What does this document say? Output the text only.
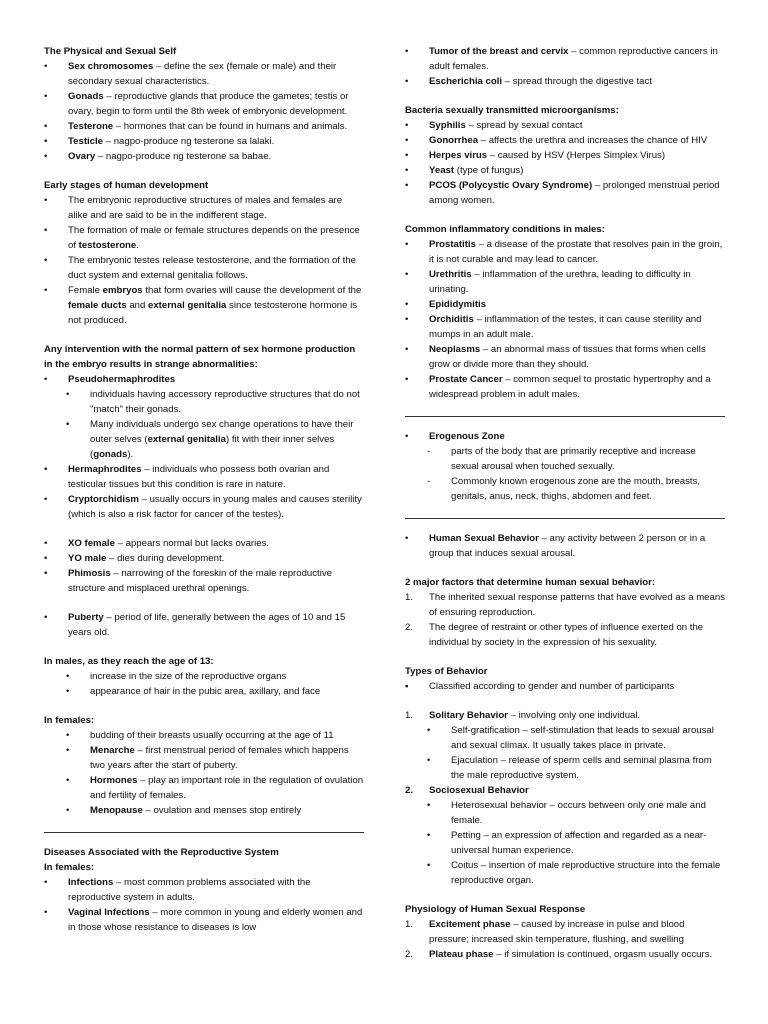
The Physical and Sexual Self
•	Sex chromosomes – define the sex (female or male) and their secondary sexual characteristics.
•	Gonads – reproductive glands that produce the gametes; testis or ovary, begin to form until the 8th week of embryonic development.
•	Testerone – hormones that can be found in humans and animals.
•	Testicle – nagpo-produce ng testerone sa lalaki.
•	Ovary – nagpo-produce ng testerone sa babae.
Early stages of human development
•	The embryonic reproductive structures of males and females are alike and are said to be in the indifferent stage.
•	The formation of male or female structures depends on the presence of testosterone.
•	The embryonic testes release testosterone, and the formation of the duct system and external genitalia follows.
•	Female embryos that form ovaries will cause the development of the female ducts and external genitalia since testosterone hormone is not produced.
Any intervention with the normal pattern of sex hormone production in the embryo results in strange abnormalities:
•	Pseudohermaphrodites
•	individuals having accessory reproductive structures that do not "match" their gonads.
•	Many individuals undergo sex change operations to have their outer selves (external genitalia) fit with their inner selves (gonads).
•	Hermaphrodites – individuals who possess both ovarian and testicular tissues but this condition is rare in nature.
•	Cryptorchidism – usually occurs in young males and causes sterility (which is also a risk factor for cancer of the testes).
•	XO female – appears normal but lacks ovaries.
•	YO male – dies during development.
•	Phimosis – narrowing of the foreskin of the male reproductive structure and misplaced urethral openings.
•	Puberty – period of life, generally between the ages of 10 and 15 years old.
In males, as they reach the age of 13:
•	increase in the size of the reproductive organs
•	appearance of hair in the pubic area, axillary, and face
In females:
•	budding of their breasts usually occurring at the age of 11
•	Menarche – first menstrual period of females which happens two years after the start of puberty.
•	Hormones – play an important role in the regulation of ovulation and fertility of females.
•	Menopause – ovulation and menses stop entirely
Diseases Associated with the Reproductive System
In females:
•	Infections – most common problems associated with the reproductive system in adults.
•	Vaginal Infections – more common in young and elderly women and in those whose resistance to diseases is low
•	Tumor of the breast and cervix – common reproductive cancers in adult females.
•	Escherichia coli – spread through the digestive tact
Bacteria sexually transmitted microorganisms:
•	Syphilis – spread by sexual contact
•	Gonorrhea – affects the urethra and increases the chance of HIV
•	Herpes virus – caused by HSV (Herpes Simplex Virus)
•	Yeast (type of fungus)
•	PCOS (Polycystic Ovary Syndrome) – prolonged menstrual period among women.
Common inflammatory conditions in males:
•	Prostatitis – a disease of the prostate that resolves pain in the groin, it is not curable and may lead to cancer.
•	Urethritis – inflammation of the urethra, leading to difficulty in urinating.
•	Epididymitis
•	Orchiditis – inflammation of the testes, it can cause sterility and mumps in an adult male.
•	Neoplasms – an abnormal mass of tissues that forms when cells grow or divide more than they should.
•	Prostate Cancer – common sequel to prostatic hypertrophy and a widespread problem in adult males.
•	Erogenous Zone
-	parts of the body that are primarily receptive and increase sexual arousal when touched sexually.
-	Commonly known erogenous zone are the mouth, breasts, genitals, anus, neck, thighs, abdomen and feet.
•	Human Sexual Behavior – any activity between 2 person or in a group that induces sexual arousal.
2 major factors that determine human sexual behavior:
1.	The inherited sexual response patterns that have evolved as a means of ensuring reproduction.
2.	The degree of restraint or other types of influence exerted on the individual by society in the expression of his sexuality.
Types of Behavior
▪	Classified according to gender and number of participants
1.	Solitary Behavior – involving only one individual.
•	Self-gratification – self-stimulation that leads to sexual arousal and sexual climax. It usually takes place in private.
•	Ejaculation – release of sperm cells and seminal plasma from the male reproductive system.
2.	Sociosexual Behavior
•	Heterosexual behavior – occurs between only one male and female.
•	Petting – an expression of affection and regarded as a near-universal human experience.
•	Coitus – insertion of male reproductive structure into the female reproductive organ.
Physiology of Human Sexual Response
1.	Excitement phase – caused by increase in pulse and blood pressure; increased skin temperature, flushing, and swelling
2.	Plateau phase – if simulation is continued, orgasm usually occurs.
